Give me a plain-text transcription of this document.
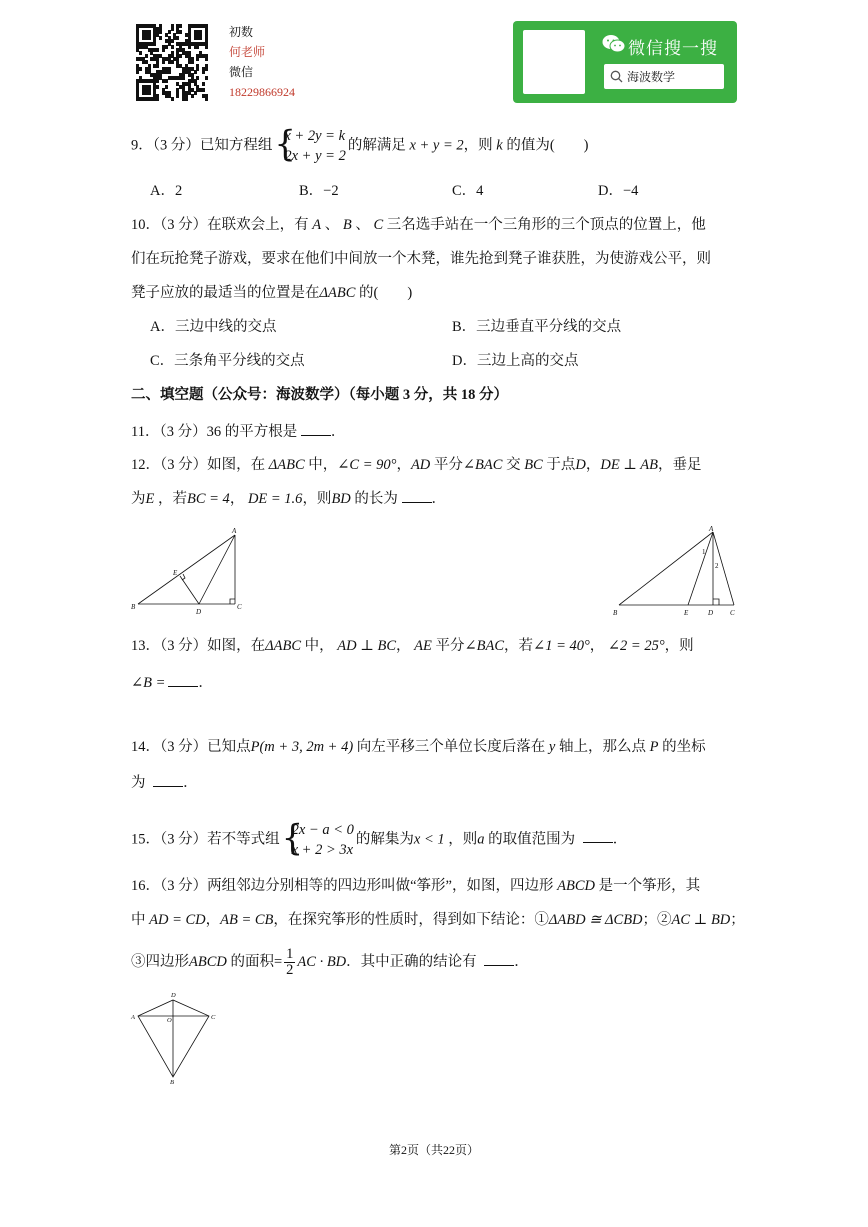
初数
何老师
微信
18229866924
微信搜一搜
海波数学
9．（3 分）已知方程组 {
x + 2y = k
2x + y = 2
的解满足 x + y = 2，则 k 的值为(　　)
A．2	B．−2	C．4	D．−4
10．（3 分）在联欢会上，有 A 、 B 、 C 三名选手站在一个三角形的三个顶点的位置上，他
们在玩抢凳子游戏，要求在他们中间放一个木凳，谁先抢到凳子谁获胜，为使游戏公平，则
凳子应放的最适当的位置是在ΔABC 的(　　)
A．三边中线的交点	B．三边垂直平分线的交点
C．三条角平分线的交点	D．三边上高的交点
二、填空题（公众号：海波数学）（每小题 3 分，共 18 分）
11．（3 分）36 的平方根是 ．
12．（3 分）如图，在 ΔABC 中，∠C = 90°，AD 平分∠BAC 交 BC 于点D，DE ⊥ AB，垂足
为E ，若BC = 4， DE = 1.6，则BD 的长为 ．
A
B	C
D
E
A
B	E	D C
1
2
13．（3 分）如图，在ΔABC 中， AD ⊥ BC， AE 平分∠BAC，若∠1 = 40°， ∠2 = 25°，则
∠B = ．
14．（3 分）已知点P(m + 3, 2m + 4) 向左平移三个单位长度后落在 y 轴上，那么点 P 的坐标
为	．
15．（3 分）若不等式组 {
2x − a < 0
x + 2 > 3x
的解集为x < 1 ，则a 的取值范围为	．
16．（3 分）两组邻边分别相等的四边形叫做“筝形”，如图，四边形 ABCD 是一个筝形，其
中 AD = CD，AB = CB，在探究筝形的性质时，得到如下结论：①ΔABD ≅ ΔCBD；②AC ⊥ BD；
③四边形ABCD 的面积= $\frac{1}{2}$ AC · BD．其中正确的结论有	．
A
D
C
B
O
第2页（共22页）
